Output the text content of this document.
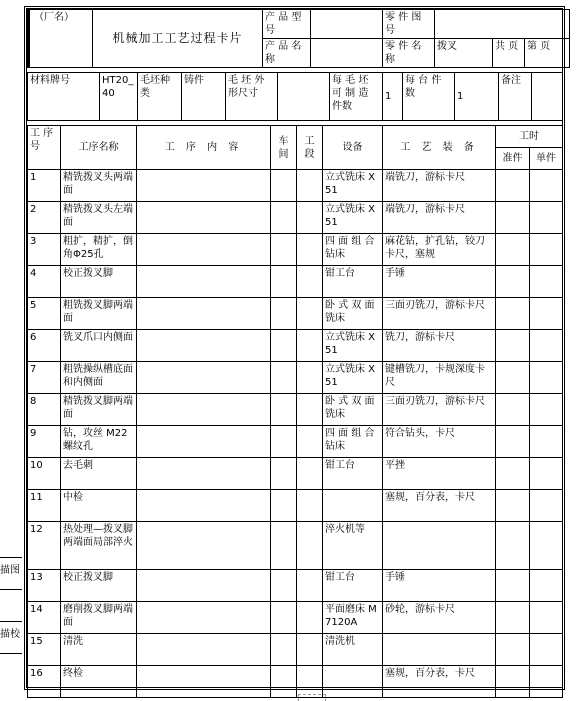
（厂名）	机械加工工艺过程卡片	产 品 型 号		零 件 图 号			
		产 品 名 称		零 件 名 称	拨叉	共 页	第 页
材料牌号	HT20_40	毛坯种类	铸件	毛 坯 外 形尺寸		每 毛 坯 可 制 造 件数	1	每 台 件 数	1	备注	
工 序 号	工序名称	工 序 内 容	车 间	工 段	设备	工 艺 装 备	工时	
							准件	单件
1	精铣拨叉头两端面				立式铣床 X51	端铣刀，游标卡尺		
2	精铣拨叉头左端面				立式铣床 X51	端铣刀，游标卡尺		
3	粗扩，精扩，倒角Φ25孔				四 面 组 合钻床	麻花钻，扩孔钻，铰刀卡尺，塞规		
4	校正拨叉脚				钳工台	手锤		
5	粗铣拨叉脚两端面				卧 式 双 面铣床	三面刃铣刀，游标卡尺		
6	铣叉爪口内侧面				立式铣床 X51	铣刀，游标卡尺		
7	粗铣操纵槽底面和内侧面				立式铣床 X51	键槽铣刀，卡规深度卡尺		
8	精铣拨叉脚两端面				卧 式 双 面铣床	三面刃铣刀，游标卡尺		
9	钻，攻丝 M22螺纹孔				四 面 组 合钻床	符合钻头，卡尺		
10	去毛刺				钳工台	平挫		
11	中检					塞规，百分表，卡尺		
12	热处理—拨叉脚两端面局部淬火				淬火机等			
13	校正拨叉脚				钳工台	手锤		
14	磨削拨叉脚两端面				平面磨床 M7120A	砂轮，游标卡尺		
15	清洗				清洗机			
16	终检					塞规，百分表，卡尺		
描图
描校
